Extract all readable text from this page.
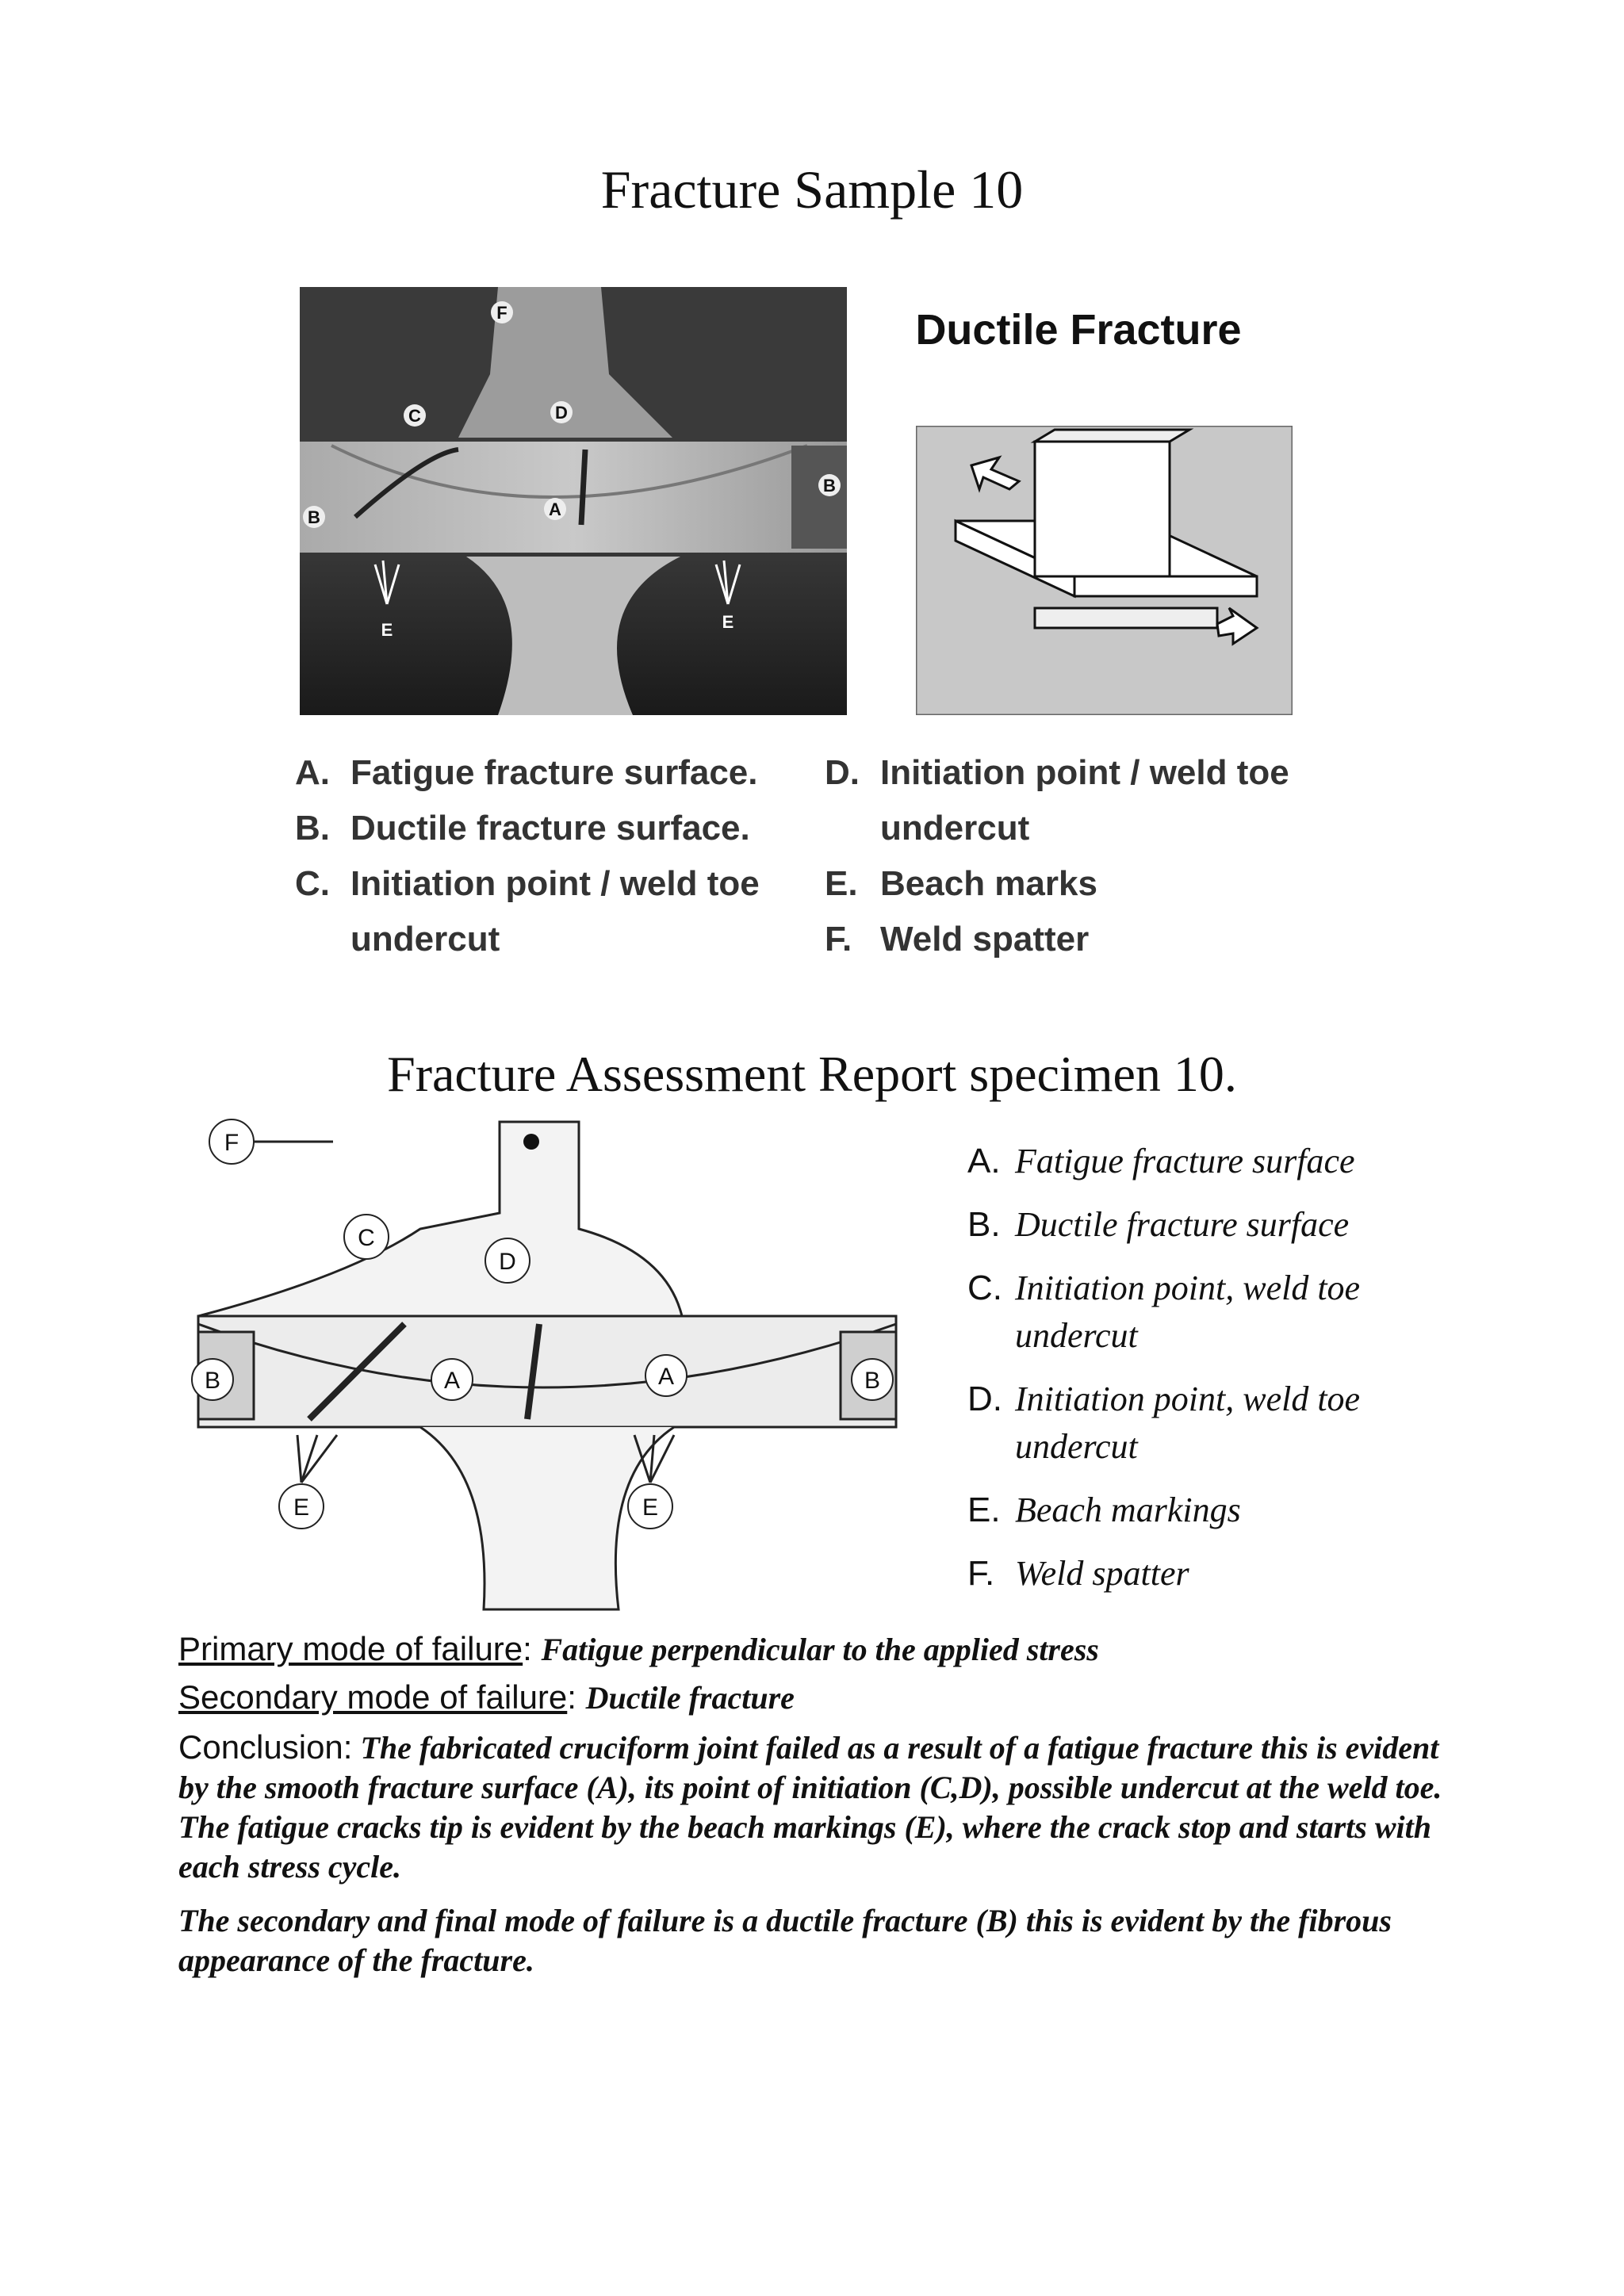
Fracture Sample 10
F
C	D
A
B
B
E	E
Ductile Fracture
A. Fatigue fracture surface.
B. Ductile fracture surface.
C. Initiation point / weld toe
undercut
D. Initiation point / weld toe
undercut
E. Beach marks
F. Weld spatter
Fracture Assessment Report specimen 10.
F
C
D
A	A
B	B
E	E
A. Fatigue fracture surface
B. Ductile fracture surface
C. Initiation point, weld toe
undercut
D. Initiation point, weld toe
undercut
E. Beach markings
F. Weld spatter
Primary mode of failure: Fatigue perpendicular to the applied stress
Secondary mode of failure: Ductile fracture
Conclusion: The fabricated cruciform joint failed as a result of a fatigue fracture this is evident by the smooth fracture surface (A), its point of initiation (C,D), possible undercut at the weld toe. The fatigue cracks tip is evident by the beach markings (E), where the crack stop and starts with each stress cycle.
The secondary and final mode of failure is a ductile fracture (B) this is evident by the fibrous appearance of the fracture.
